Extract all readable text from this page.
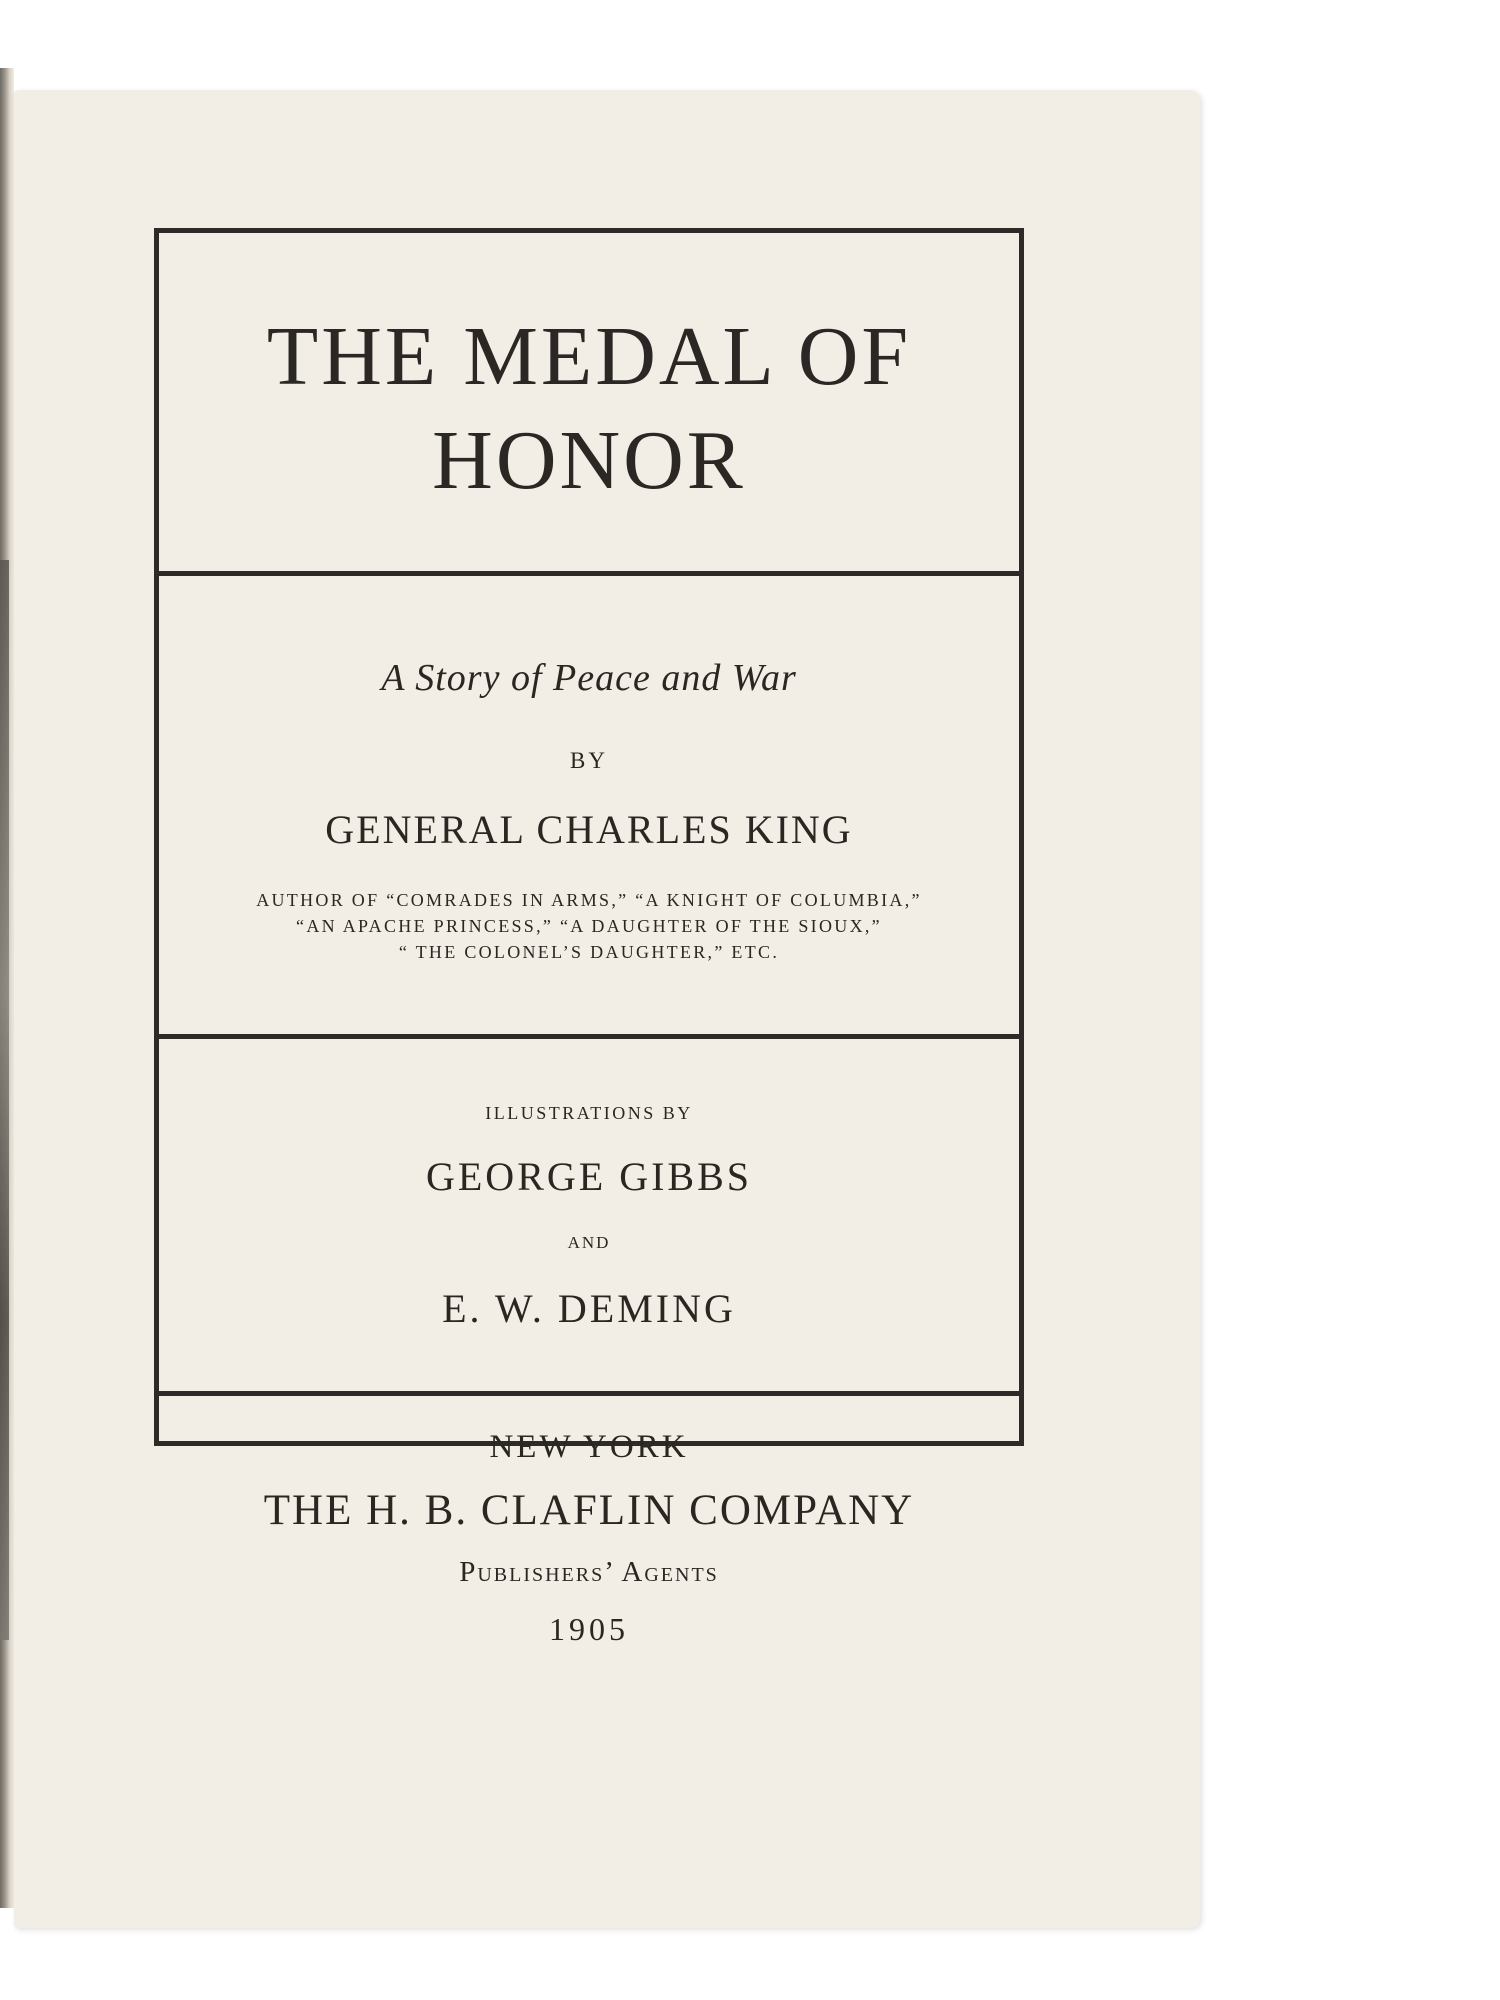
THE MEDAL OF
HONOR
A Story of Peace and War
BY
GENERAL CHARLES KING
AUTHOR OF “COMRADES IN ARMS,” “A KNIGHT OF COLUMBIA,”
“AN APACHE PRINCESS,” “A DAUGHTER OF THE SIOUX,”
“ THE COLONEL’S DAUGHTER,” ETC.
ILLUSTRATIONS BY
GEORGE GIBBS
AND
E. W. DEMING
NEW YORK
THE H. B. CLAFLIN COMPANY
Publishers’ Agents
1905
